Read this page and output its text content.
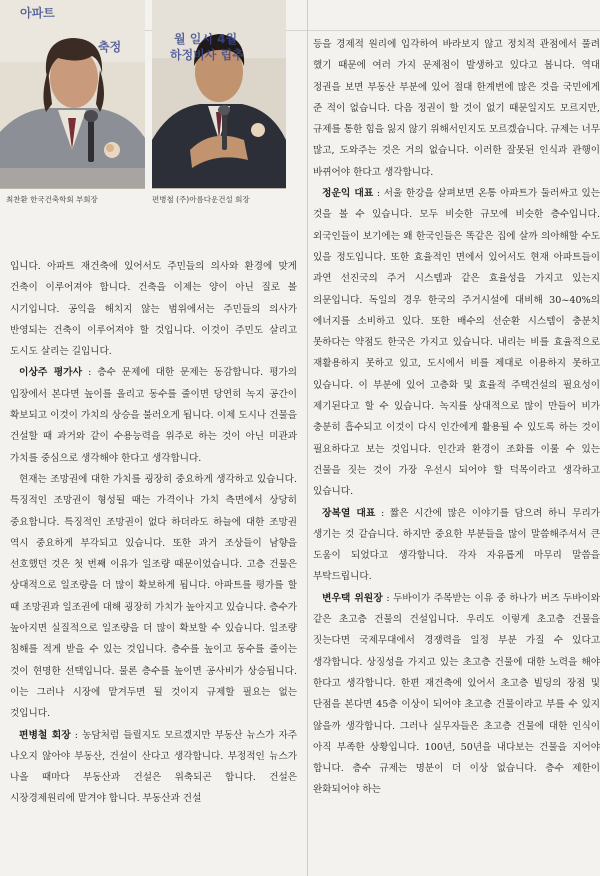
아파트
축정
월 일시 4월
하정비사 립추
최찬환 한국건축학회 부회장	편병철 (주)아름다운건설 회장

입니다. 아파트 재건축에 있어서도 주민들의 의사와 환경에 맞게 건축이 이루어져야 합니다. 건축을 이제는 양이 아닌 질로 볼 시기입니다. 공익을 해치지 않는 범위에서는 주민들의 의사가 반영되는 건축이 이루어져야 할 것입니다. 이것이 주민도 살리고 도시도 살리는 길입니다.

이상주 평가사 : 층수 문제에 대한 문제는 동감합니다. 평가의 입장에서 본다면 높이를 올리고 동수를 줄이면 당연히 녹지 공간이 확보되고 이것이 가치의 상승을 불러오게 됩니다. 이제 도시나 건물을 건설할 때 과거와 같이 수용능력을 위주로 하는 것이 아닌 미관과 가치를 중심으로 생각해야 한다고 생각합니다.

현재는 조망권에 대한 가치를 굉장히 중요하게 생각하고 있습니다. 특징적인 조망권이 형성될 때는 가격이나 가치 측면에서 상당히 중요합니다. 특징적인 조망권이 없다 하더라도 하늘에 대한 조망권 역시 중요하게 부각되고 있습니다. 또한 과거 조상들이 남향을 선호했던 것은 첫 번째 이유가 일조량 때문이었습니다. 고층 건물은 상대적으로 일조량을 더 많이 확보하게 됩니다. 아파트를 평가를 할 때 조망권과 일조권에 대해 굉장히 가치가 높아지고 있습니다. 층수가 높아지면 실질적으로 일조량을 더 많이 확보할 수 있습니다. 일조량 침해를 적게 받을 수 있는 것입니다. 층수를 높이고 동수를 줄이는 것이 현명한 선택입니다. 물론 층수를 높이면 공사비가 상승됩니다. 이는 그러나 시장에 맡겨두면 될 것이지 규제할 필요는 없는 것입니다.

편병철 회장 : 농담처럼 들릴지도 모르겠지만 부동산 뉴스가 자주 나오지 않아야 부동산, 건설이 산다고 생각합니다. 부정적인 뉴스가 나올 때마다 부동산과 건설은 위축되곤 합니다. 건설은 시장경제원리에 맡겨야 합니다. 부동산과 건설

등을 경제적 원리에 입각하여 바라보지 않고 정치적 관점에서 풀려 했기 때문에 여러 가지 문제점이 발생하고 있다고 봅니다. 역대 정권을 보면 부동산 부분에 있어 절대 한계번에 많은 것을 국민에게 준 적이 없습니다. 다음 정권이 할 것이 없기 때문일지도 모르지만, 규제를 통한 힘을 잃지 않기 위해서인지도 모르겠습니다. 규제는 너무 많고, 도와주는 것은 거의 없습니다. 이러한 잘못된 인식과 관행이 바뀌어야 한다고 생각합니다.

정운익 대표 : 서울 한강을 살펴보면 온통 아파트가 둘러싸고 있는 것을 볼 수 있습니다. 모두 비슷한 규모에 비슷한 층수입니다. 외국인들이 보기에는 왜 한국인들은 똑같은 집에 살까 의아해할 수도 있을 정도입니다. 또한 효율적인 면에서 있어서도 현재 아파트들이 과연 선진국의 주거 시스템과 같은 효율성을 가지고 있는지 의문입니다. 독일의 경우 한국의 주거시설에 대비해 30~40%의 에너지를 소비하고 있다. 또한 배수의 선순환 시스템이 충분치 못하다는 약점도 한국은 가지고 있습니다. 내리는 비를 효율적으로 재활용하지 못하고 있고, 도시에서 비를 제대로 이용하지 못하고 있습니다. 이 부분에 있어 고층화 및 효율적 주택건설의 필요성이 제기된다고 할 수 있습니다. 녹지를 상대적으로 많이 만들어 비가 충분히 흡수되고 이것이 다시 인간에게 활용될 수 있도록 하는 것이 필요하다고 보는 것입니다. 인간과 환경이 조화를 이룰 수 있는 건물을 짓는 것이 가장 우선시 되어야 할 덕목이라고 생각하고 있습니다.

장복열 대표 : 짧은 시간에 많은 이야기를 담으려 하니 무리가 생기는 것 같습니다. 하지만 중요한 부분들을 많이 말씀해주셔서 큰 도움이 되었다고 생각합니다. 각자 자유롭게 마무리 말씀을 부탁드립니다.

변우택 위원장 : 두바이가 주목받는 이유 중 하나가 버즈 두바이와 같은 초고층 건물의 건설입니다. 우리도 이렇게 초고층 건물을 짓는다면 국제무대에서 경쟁력을 일정 부분 가질 수 있다고 생각합니다. 상징성을 가지고 있는 초고층 건물에 대한 노력을 해야 한다고 생각합니다. 한편 재건축에 있어서 초고층 빌딩의 장점 및 단점을 본다면 45층 이상이 되어야 초고층 건물이라고 부를 수 있지 않을까 생각합니다. 그러나 실무자들은 초고층 건물에 대한 인식이 아직 부족한 상황입니다. 100년, 50년을 내다보는 건물을 지어야 합니다. 층수 규제는 명분이 더 이상 없습니다. 층수 제한이 완화되어야 하는
